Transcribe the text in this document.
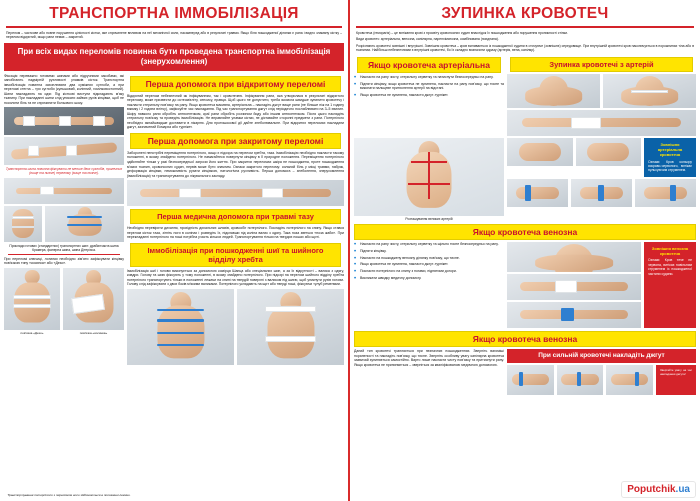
ТРАНСПОРТНА ІММОБІЛІЗАЦІЯ
Перелом – часткове або повне порушення цілісності кістки, яке спричинене впливом на неї механічної сили, насамперед або в результаті травми. Якщо біля пошкодженої ділянки є рана і видно зламану кістку – перелом відкритий, якщо рани немає – закритий.
При всіх видах переломів повинна бути проведена транспортна іммобілізація (знерухомлення)
Фіксація переважно готовими шинами або підручними засобами, які запобігають надмірній рухливості уламків кісток. Транспортна іммобілізація повинна захоплювати два суміжних суглоби, а при переломі стегна – три суглоби (кульшовий, колінний, гомілковостопний). Шини накладають на одяг. Під кісткові виступи підкладають м'яку тканину. При накладанні шини слід уникати зайвих рухів кінцівки, щоб не посилити біль та не спричинити больового шоку.
Транспортна шина повинна фіксувати не менше двох суглобів, прилеглих (вище та нижче) перелому (вище та нижче).
Приклади готових (стандартних) транспортних шин: драбинчаста шина Крамера, фанерна шина, шина Дітеріхса.
При переломі ключиці, лопатки необхідно зім'яти зафіксувати кінцівку пов'язкою типу «косинка» або «Дезо».
пов'язка «Дезо»	пов'язка «косинка»
Перша допомога при відкритому переломі
Відкритий перелом небезпечний як інфікуванням, так і кровотечею. Інфікування рани, яка утворилася в результаті відкритого перелому, може призвести до остеомієліту, сепсису, правця. Щоб цього не допустити, треба якомога швидше зупинити кровотечу і накласти стерильну пов'язку на рану. Якщо кровотеча масивна, артеріальна – накладіть джгут вище рани (не більше ніж на 1 годину взимку і 2 години влітку), зафіксуйте час накладання. Під час транспортування джгут слід періодично послаблювати на 3–5 хвилин. Шкіру навколо рани обробіть антисептиком, краї рани обробіть розчином йоду або іншим антисептиком. Після цього накладіть стерильну пов'язку та проведіть іммобілізацію. Не вправляйте уламки кістки, не діставайте сторонні предмети з рани. Потерпілого необхідно якнайшвидше доставити в лікарню. Для протишокової дії дайте знеболювальне. При відкритих переломах накладати джгут, зазначений Есмарха або турнікет.
Перша допомога при закритому переломі
Заборонені непотрібні переміщення потерпілого, якщо є підозра на перелом хребта, таза. Іммобілізацію необхідно накласти такому положенні, в якому знайдено потерпілого. Не намагайтеся повернути кінцівку в її природне положення. Переміщення потерпілого здійснюйте тільки у разі безпосередньої загрози його життю. При закритих переломах шкіра не пошкоджена, проте пошкодження м'яких тканин, кровоносних судин, нервів може бути значним. Ознаки закритого перелому: сильний біль у місці травми, набряк, деформація кінцівки, неможливість рухати кінцівкою, патологічна рухливість. Перша допомога – знеболення, знерухомлення (іммобілізація) та транспортування до лікувального закладу.
Перша медична допомога при травмі тазу
Необхідно перевірити дихання, прохідність дихальних шляхів, кровообіг потерпілого. Покладіть потерпілого на спину. Якщо стався перелом кісток таза, зігніть ноги в колінах і розведіть їх, підклавши під коліна валик з одягу. Така поза зветься «поза жаби». При перекладанні потерпілого на ноші потрібна участь кількох людей. Транспортування тільки на твердих ношах або щиті.
Іммобілізація при пошкодженні шиї та шийного відділу хребта
Іммобілізація шиї і голови виконується за допомогою комірця Шанца або спеціальних шин, а за їх відсутності – валика з одягу, ковдри. Голову та шию фіксують у тому положенні, в якому знайдено потерпілого. При підозрі на перелом шийного відділу хребта потерпілого транспортують тільки в положенні лежачи на спині на твердій поверхні з валиком під шиєю, щоб уникнути рухів голови. Голову слід зафіксувати з двох боків м'якими валиками. Потерпілого укладають на щит або тверді ноші, фіксуючи тулуб ременями.
Транспортування потерпілого з переломом ноги здійснюється в положенні лежачи.
ЗУПИНКА КРОВОТЕЧ
Кровотеча (геморагія) – це витікання крові з просвіту кровоносних судин внаслідок їх пошкодження або порушення проникності стінки.
Види кровотеч: артеріальна, венозна, капілярна, паренхіматозна, комбінована (поєднана).
Розрізняють кровотечі зовнішні і внутрішні. Зовнішня кровотеча – кров виливається із пошкодженої судини в оточуюче (зовнішнє) середовище. При внутрішній кровотечі кров накопичується в порожнинах тіла або в тканинах. Найбільш небезпечними є внутрішні кровотечі, бо їх складно визначити одразу (артерія, вена, капіляр).
Якщо кровотеча артеріальна
• Накласти на рану чисту, стерильну серветку та натиснути безпосередньо на рану.
• Підняти кінцівку, якщо кровотеча не зупинена, накласти на рану пов'язку, що тиснe та виконати пальцеве притиснення артерії на відстані.
• Якщо кровотеча не зупинена, накласти джгут-турнікет.
Зупинка кровотечі з артерій
Розташування великих артерій
Зовнішня артеріальна кровотеча
Ознаки: Кров кольору яскраво-червоного, витікає пульсуючим струменем.
Якщо кровотеча венозна
• Накласти на рану чисту, стерильну серветку та щільно тиснe безпосередньо на рану.
• Підняти кінцівку.
• Накласти на пошкоджену венозну ділянку пов'язку, що тисне.
• Якщо кровотеча не зупинена, накласти джгут-турнікет.
• Покласти потерпілого на спину з ногами, піднятими догори.
• Викликати швидку медичну допомогу.
Зовнішня венозна кровотеча
Ознаки: Кров тече не червона, витікає повільним струменем із пошкодженої частини судини.
Якщо кровотеча венозна
Даний тип кровотечі трапляється при незначних пошкодженнях. Зверніть вагоміші пораненості та накладіть пов'язку, що тисне. Зверніть особливу увагу капілярна кровотеча зазвичай зупиняється самостійно. Варто лише накласти чисту пов'язку та притиснути рану. Якщо кровотеча не припиняється – зверніться за кваліфікованою медичною допомогою.
При сильній кровотечі накладіть джгут
Звертайте увагу на час накладання джгута!
Poputchik.ua
